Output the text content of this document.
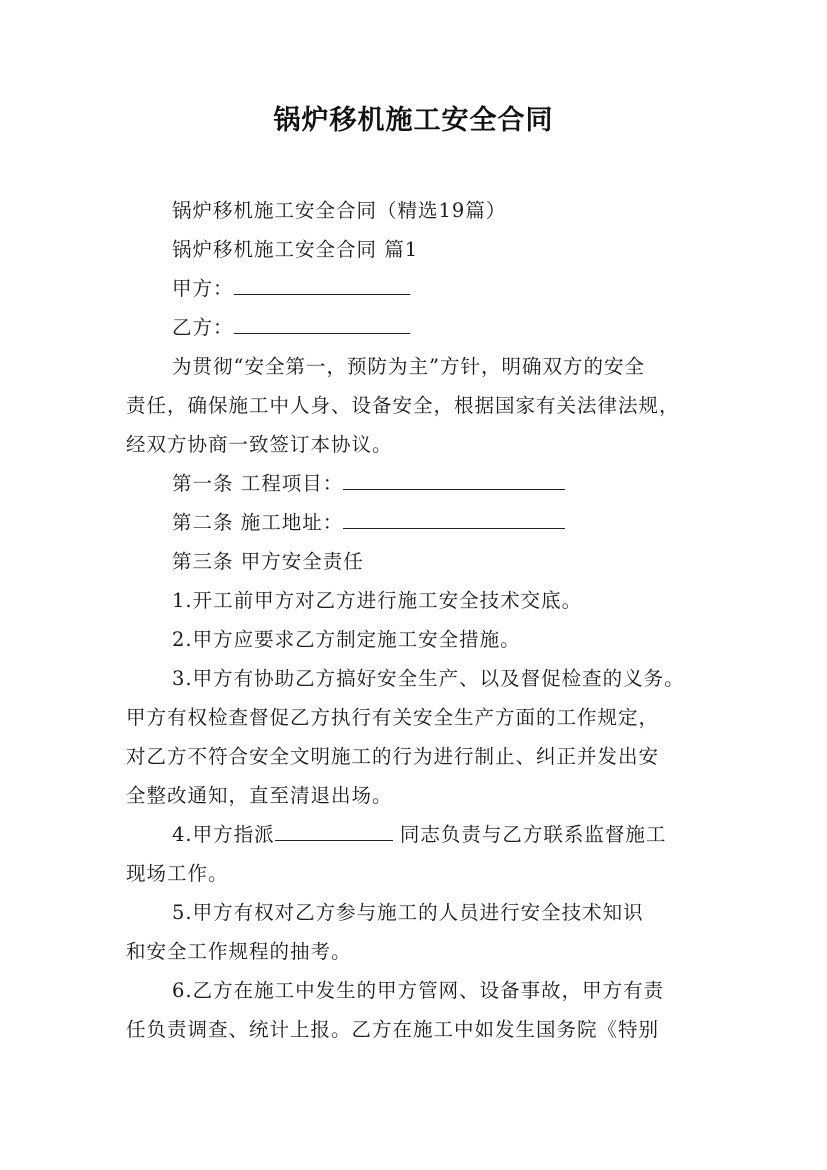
锅炉移机施工安全合同
锅炉移机施工安全合同（精选19篇）
锅炉移机施工安全合同 篇1
甲方：
乙方：
为贯彻“安全第一，预防为主”方针，明确双方的安全
责任，确保施工中人身、设备安全，根据国家有关法律法规，
经双方协商一致签订本协议。
第一条 工程项目：
第二条 施工地址：
第三条 甲方安全责任
1.开工前甲方对乙方进行施工安全技术交底。
2.甲方应要求乙方制定施工安全措施。
3.甲方有协助乙方搞好安全生产、以及督促检查的义务。
甲方有权检查督促乙方执行有关安全生产方面的工作规定，
对乙方不符合安全文明施工的行为进行制止、纠正并发出安
全整改通知，直至清退出场。
4.甲方指派	同志负责与乙方联系监督施工
现场工作。
5.甲方有权对乙方参与施工的人员进行安全技术知识
和安全工作规程的抽考。
6.乙方在施工中发生的甲方管网、设备事故，甲方有责
任负责调查、统计上报。乙方在施工中如发生国务院《特别
